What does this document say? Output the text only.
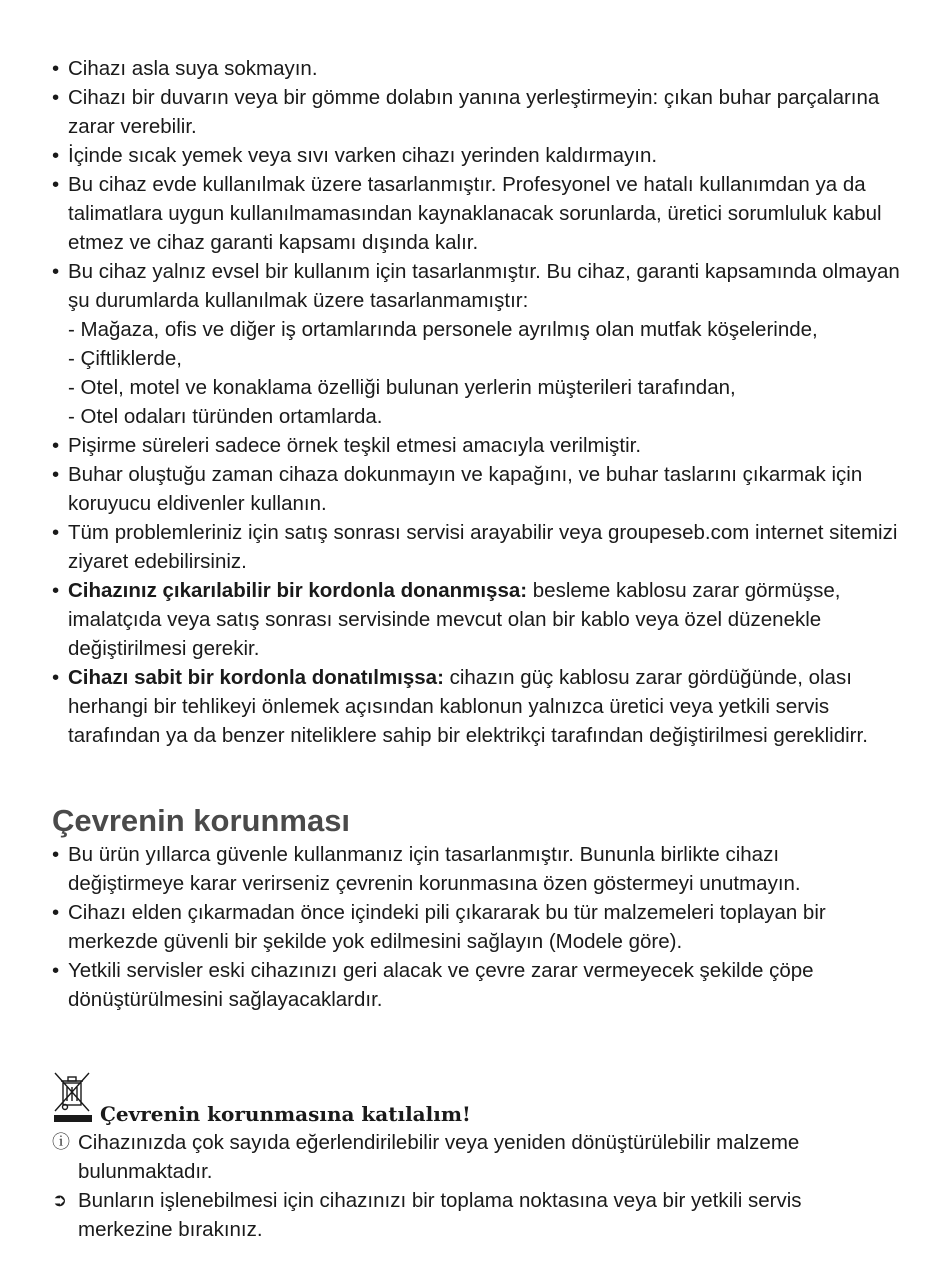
• Cihazı asla suya sokmayın.
• Cihazı bir duvarın veya bir gömme dolabın yanına yerleştirmeyin: çıkan buhar parçalarına zarar verebilir.
• İçinde sıcak yemek veya sıvı varken cihazı yerinden kaldırmayın.
• Bu cihaz evde kullanılmak üzere tasarlanmıştır. Profesyonel ve hatalı kullanımdan ya da talimatlara uygun kullanılmamasından kaynaklanacak sorunlarda, üretici sorumluluk kabul etmez ve cihaz garanti kapsamı dışında kalır.
• Bu cihaz yalnız evsel bir kullanım için tasarlanmıştır. Bu cihaz, garanti kapsamında olmayan şu durumlarda kullanılmak üzere tasarlanmamıştır:
- Mağaza, ofis ve diğer iş ortamlarında personele ayrılmış olan mutfak köşelerinde,
- Çiftliklerde,
- Otel, motel ve konaklama özelliği bulunan yerlerin müşterileri tarafından,
- Otel odaları türünden ortamlarda.
• Pişirme süreleri sadece örnek teşkil etmesi amacıyla verilmiştir.
• Buhar oluştuğu zaman cihaza dokunmayın ve kapağını, ve buhar taslarını çıkarmak için koruyucu eldivenler kullanın.
• Tüm problemleriniz için satış sonrası servisi arayabilir veya groupeseb.com internet sitemizi ziyaret edebilirsiniz.
• Cihazınız çıkarılabilir bir kordonla donanmışsa: besleme kablosu zarar görmüşse, imalatçıda veya satış sonrası servisinde mevcut olan bir kablo veya özel düzenekle değiştirilmesi gerekir.
• Cihazı sabit bir kordonla donatılmışsa: cihazın güç kablosu zarar gördüğünde, olası herhangi bir tehlikeyi önlemek açısından kablonun yalnızca üretici veya yetkili servis tarafından ya da benzer niteliklere sahip bir elektrikçi tarafından değiştirilmesi gereklidirr.
Çevrenin korunması
• Bu ürün yıllarca güvenle kullanmanız için tasarlanmıştır. Bununla birlikte cihazı değiştirmeye karar verirseniz çevrenin korunmasına özen göstermeyi unutmayın.
• Cihazı elden çıkarmadan önce içindeki pili çıkararak bu tür malzemeleri toplayan bir merkezde güvenli bir şekilde yok edilmesini sağlayın (Modele göre).
• Yetkili servisler eski cihazınızı geri alacak ve çevre zarar vermeyecek şekilde çöpe dönüştürülmesini sağlayacaklardır.
Çevrenin korunmasına katılalım!
ⓘ Cihazınızda çok sayıda eğerlendirilebilir veya yeniden dönüştürülebilir malzeme bulunmaktadır.
➲ Bunların işlenebilmesi için cihazınızı bir toplama noktasına veya bir yetkili servis merkezine bırakınız.
